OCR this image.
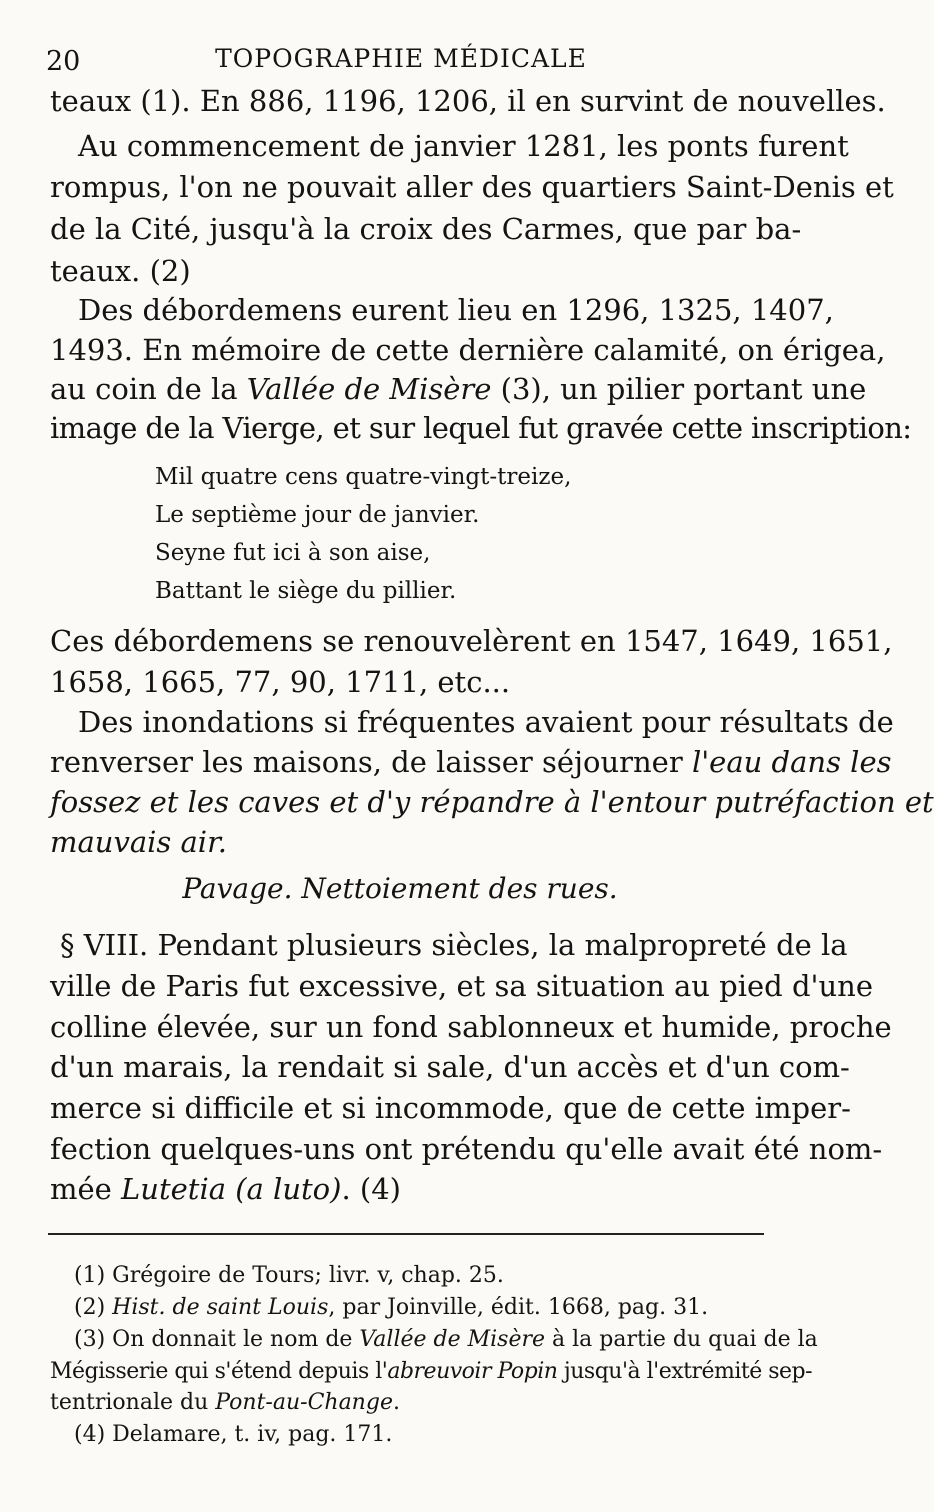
20	TOPOGRAPHIE MÉDICALE
teaux (1). En 886, 1196, 1206, il en survint de nouvelles.
Au commencement de janvier 1281, les ponts furent
rompus, l'on ne pouvait aller des quartiers Saint-Denis et
de la Cité, jusqu'à la croix des Carmes, que par ba-
teaux. (2)
Des débordemens eurent lieu en 1296, 1325, 1407,
1493. En mémoire de cette dernière calamité, on érigea,
au coin de la Vallée de Misère (3), un pilier portant une
image de la Vierge, et sur lequel fut gravée cette inscription:
Mil quatre cens quatre-vingt-treize,
Le septième jour de janvier.
Seyne fut ici à son aise,
Battant le siège du pillier.
Ces débordemens se renouvelèrent en 1547, 1649, 1651,
1658, 1665, 77, 90, 1711, etc...
Des inondations si fréquentes avaient pour résultats de
renverser les maisons, de laisser séjourner l'eau dans les
fossez et les caves et d'y répandre à l'entour putréfaction et
mauvais air.
Pavage. Nettoiement des rues.
§ VIII. Pendant plusieurs siècles, la malpropreté de la
ville de Paris fut excessive, et sa situation au pied d'une
colline élevée, sur un fond sablonneux et humide, proche
d'un marais, la rendait si sale, d'un accès et d'un com-
merce si difficile et si incommode, que de cette imper-
fection quelques-uns ont prétendu qu'elle avait été nom-
mée Lutetia (a luto). (4)
(1) Grégoire de Tours; livr. v, chap. 25.
(2) Hist. de saint Louis, par Joinville, édit. 1668, pag. 31.
(3) On donnait le nom de Vallée de Misère à la partie du quai de la
Mégisserie qui s'étend depuis l'abreuvoir Popin jusqu'à l'extrémité sep-
tentrionale du Pont-au-Change.
(4) Delamare, t. iv, pag. 171.
